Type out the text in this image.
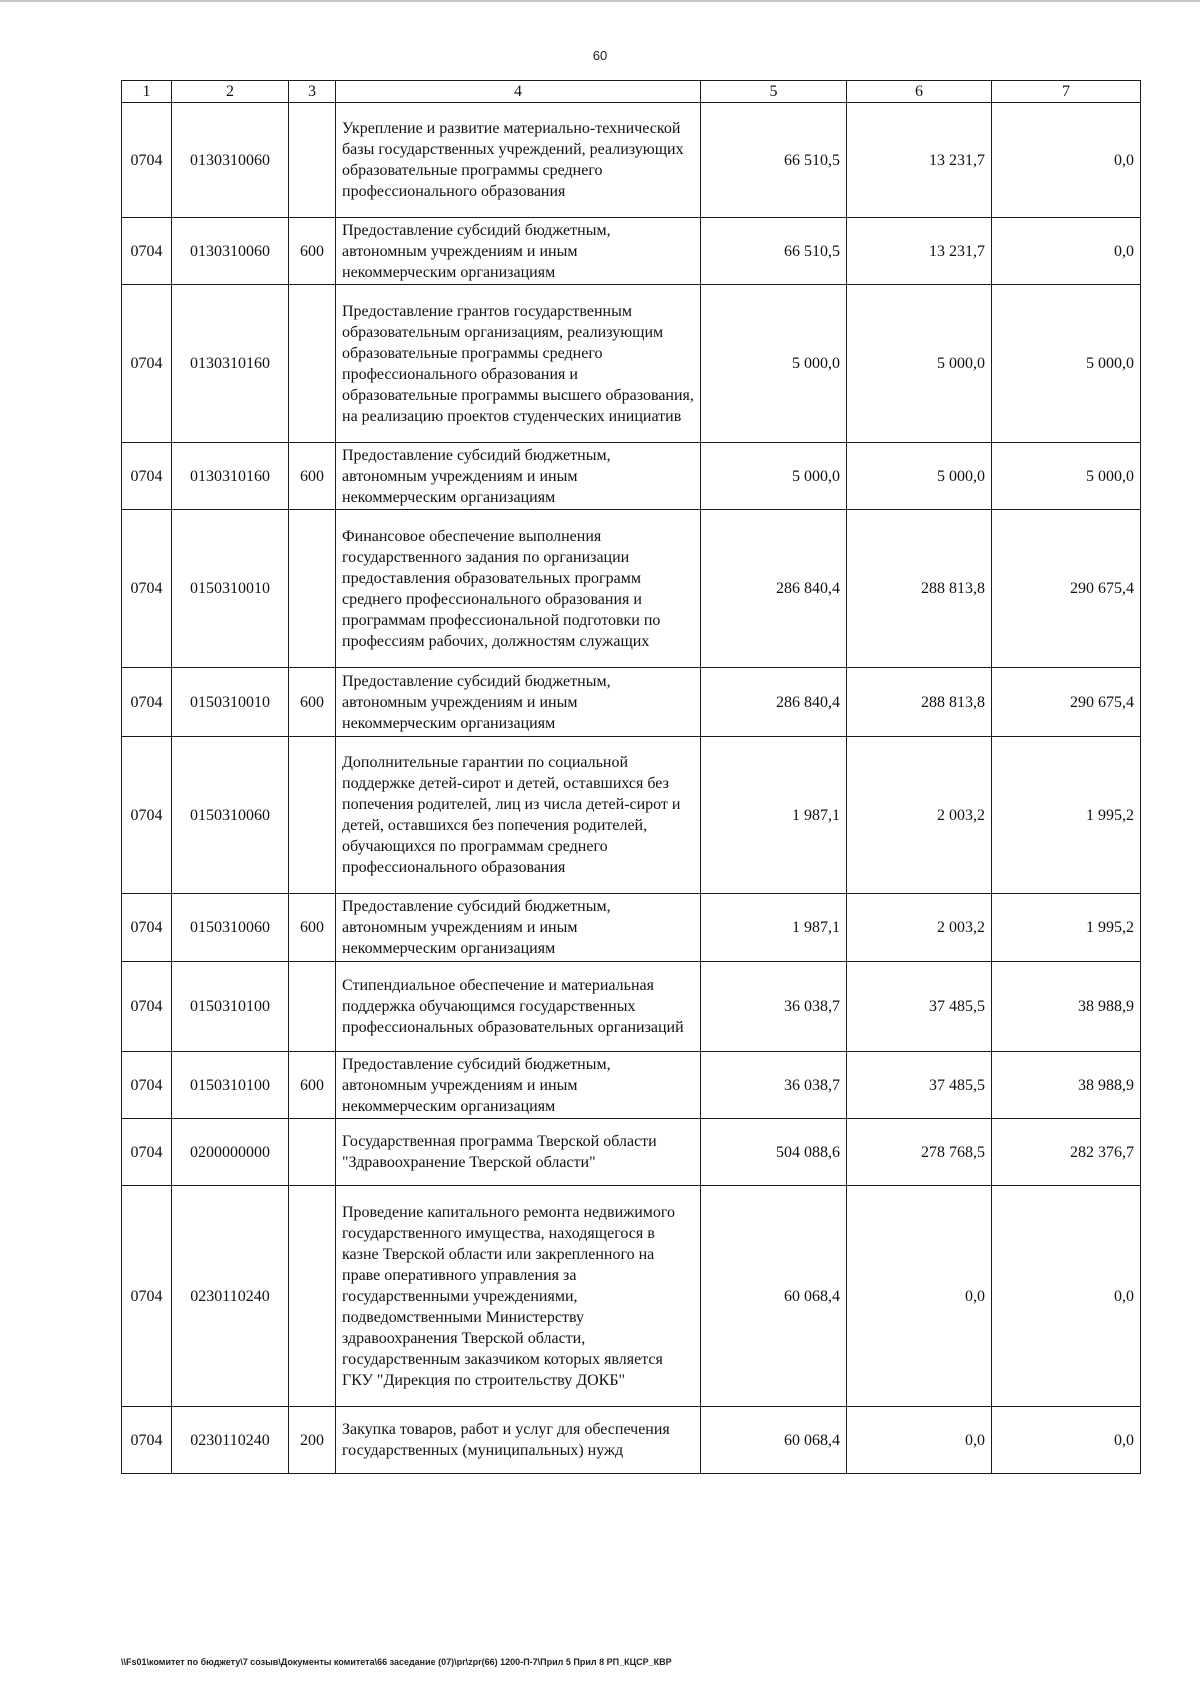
60
1	2	3	4	5	6	7
0704	0130310060		Укрепление и развитие материально-технической базы государственных учреждений, реализующих образовательные программы среднего профессионального образования	66 510,5	13 231,7	0,0
0704	0130310060	600	Предоставление субсидий бюджетным, автономным учреждениям и иным некоммерческим организациям	66 510,5	13 231,7	0,0
0704	0130310160		Предоставление грантов государственным образовательным организациям, реализующим образовательные программы среднего профессионального образования и образовательные программы высшего образования, на реализацию проектов студенческих инициатив	5 000,0	5 000,0	5 000,0
0704	0130310160	600	Предоставление субсидий бюджетным, автономным учреждениям и иным некоммерческим организациям	5 000,0	5 000,0	5 000,0
0704	0150310010		Финансовое обеспечение выполнения государственного задания по организации предоставления образовательных программ среднего профессионального образования и программам профессиональной подготовки по профессиям рабочих, должностям служащих	286 840,4	288 813,8	290 675,4
0704	0150310010	600	Предоставление субсидий бюджетным, автономным учреждениям и иным некоммерческим организациям	286 840,4	288 813,8	290 675,4
0704	0150310060		Дополнительные гарантии по социальной поддержке детей-сирот и детей, оставшихся без попечения родителей, лиц из числа детей-сирот и детей, оставшихся без попечения родителей, обучающихся по программам среднего профессионального образования	1 987,1	2 003,2	1 995,2
0704	0150310060	600	Предоставление субсидий бюджетным, автономным учреждениям и иным некоммерческим организациям	1 987,1	2 003,2	1 995,2
0704	0150310100		Стипендиальное обеспечение и материальная поддержка обучающимся государственных профессиональных образовательных организаций	36 038,7	37 485,5	38 988,9
0704	0150310100	600	Предоставление субсидий бюджетным, автономным учреждениям и иным некоммерческим организациям	36 038,7	37 485,5	38 988,9
0704	0200000000		Государственная программа Тверской области "Здравоохранение Тверской области"	504 088,6	278 768,5	282 376,7
0704	0230110240		Проведение капитального ремонта недвижимого государственного имущества, находящегося в казне Тверской области или закрепленного на праве оперативного управления за государственными учреждениями, подведомственными Министерству здравоохранения Тверской области, государственным заказчиком которых является ГКУ "Дирекция по строительству ДОКБ"	60 068,4	0,0	0,0
0704	0230110240	200	Закупка товаров, работ и услуг для обеспечения государственных (муниципальных) нужд	60 068,4	0,0	0,0
\\Fs01\комитет по бюджету\7 созыв\Документы комитета\66 заседание (07)\pr\zpr(66) 1200-П-7\Прил 5 Прил 8 РП_КЦСР_КВР
